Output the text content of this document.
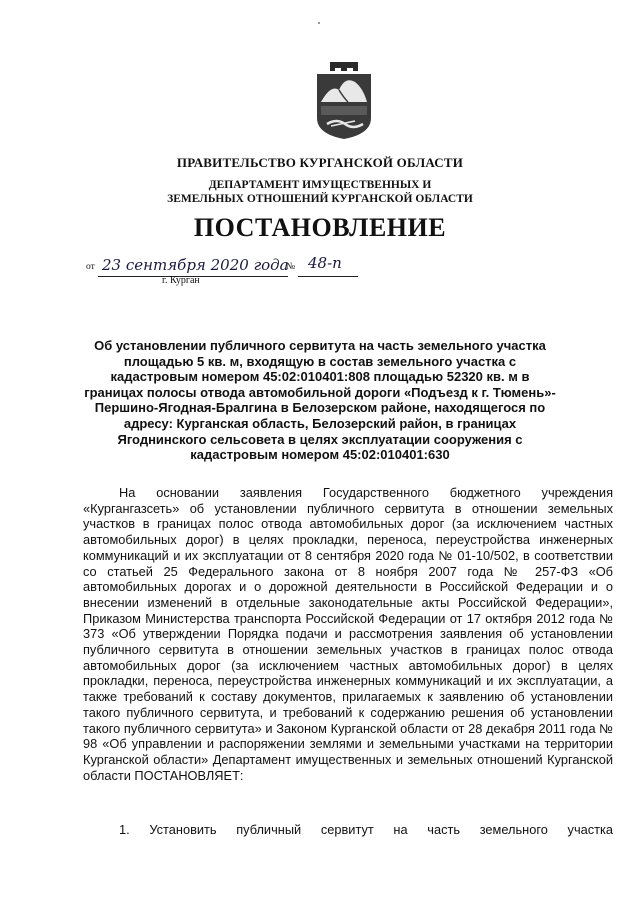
ПРАВИТЕЛЬСТВО КУРГАНСКОЙ ОБЛАСТИ
ДЕПАРТАМЕНТ ИМУЩЕСТВЕННЫХ И
ЗЕМЕЛЬНЫХ ОТНОШЕНИЙ КУРГАНСКОЙ ОБЛАСТИ
ПОСТАНОВЛЕНИЕ
от 23 сентября 2020 года
№ 48-п
г. Курган

Об установлении публичного сервитута на часть земельного участка площадью 5 кв. м, входящую в состав земельного участка с кадастровым номером 45:02:010401:808 площадью 52320 кв. м в границах полосы отвода автомобильной дороги «Подъезд к г. Тюмень»-Першино-Ягодная-Бралгина в Белозерском районе, находящегося по адресу: Курганская область, Белозерский район, в границах Ягоднинского сельсовета в целях эксплуатации сооружения с кадастровым номером 45:02:010401:630

На основании заявления Государственного бюджетного учреждения «Кургангазсеть» об установлении публичного сервитута в отношении земельных участков в границах полос отвода автомобильных дорог (за исключением частных автомобильных дорог) в целях прокладки, переноса, переустройства инженерных коммуникаций и их эксплуатации от 8 сентября 2020 года № 01-10/502, в соответствии со статьей 25 Федерального закона от 8 ноября 2007 года № 257-ФЗ «Об автомобильных дорогах и о дорожной деятельности в Российской Федерации и о внесении изменений в отдельные законодательные акты Российской Федерации», Приказом Министерства транспорта Российской Федерации от 17 октября 2012 года № 373 «Об утверждении Порядка подачи и рассмотрения заявления об установлении публичного сервитута в отношении земельных участков в границах полос отвода автомобильных дорог (за исключением частных автомобильных дорог) в целях прокладки, переноса, переустройства инженерных коммуникаций и их эксплуатации, а также требований к составу документов, прилагаемых к заявлению об установлении такого публичного сервитута, и требований к содержанию решения об установлении такого публичного сервитута» и Законом Курганской области от 28 декабря 2011 года № 98 «Об управлении и распоряжении землями и земельными участками на территории Курганской области» Департамент имущественных и земельных отношений Курганской области ПОСТАНОВЛЯЕТ:

1. Установить публичный сервитут на часть земельного участка
